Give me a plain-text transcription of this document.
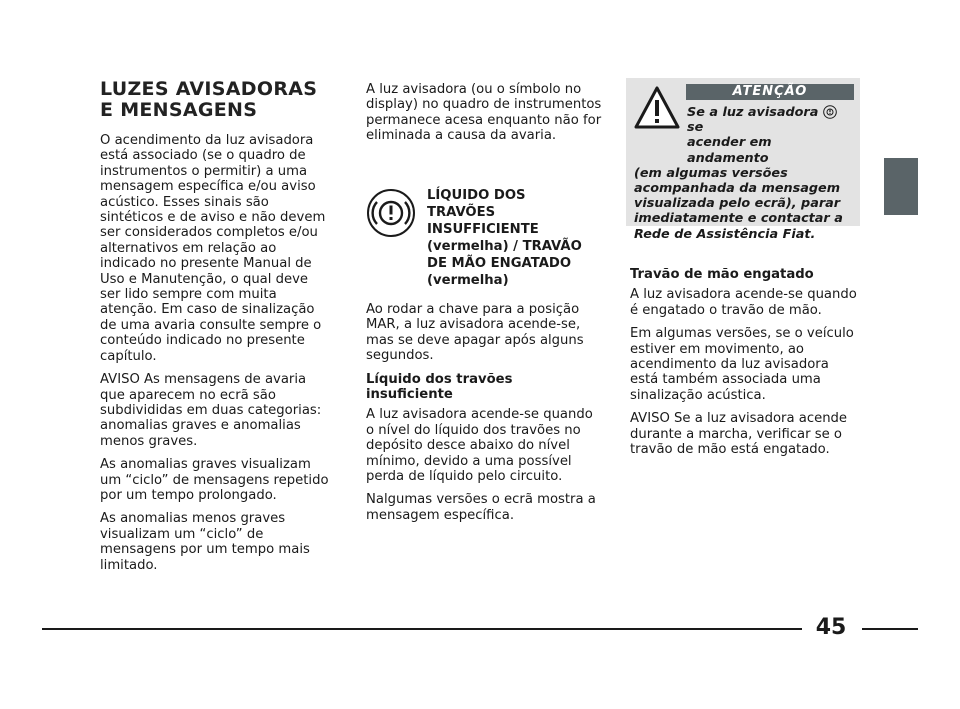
LUZES AVISADORAS
E MENSAGENS

O acendimento da luz avisadora está associado (se o quadro de instrumentos o permitir) a uma mensagem específica e/ou aviso acústico. Esses sinais são sintéticos e de aviso e não devem ser considerados completos e/ou alternativos em relação ao indicado no presente Manual de Uso e Manutenção, o qual deve ser lido sempre com muita atenção. Em caso de sinalização de uma avaria consulte sempre o conteúdo indicado no presente capítulo.

AVISO As mensagens de avaria que aparecem no ecrã são subdivididas em duas categorias: anomalias graves e anomalias menos graves.

As anomalias graves visualizam um “ciclo” de mensagens repetido por um tempo prolongado.

As anomalias menos graves visualizam um “ciclo” de mensagens por um tempo mais limitado.

A luz avisadora (ou o símbolo no display) no quadro de instrumentos permanece acesa enquanto não for eliminada a causa da avaria.

LÍQUIDO DOS
TRAVÕES
INSUFFICIENTE
(vermelha) / TRAVÃO
DE MÃO ENGATADO
(vermelha)

Ao rodar a chave para a posição MAR, a luz avisadora acende-se, mas se deve apagar após alguns segundos.

Líquido dos travões insuficiente

A luz avisadora acende-se quando o nível do líquido dos travões no depósito desce abaixo do nível mínimo, devido a uma possível perda de líquido pelo circuito.

Nalgumas versões o ecrã mostra a mensagem específica.

ATENÇÃO
Se a luz avisadora  se
acender em andamento
(em algumas versões acompanhada da mensagem visualizada pelo ecrã), parar imediatamente e contactar a Rede de Assistência Fiat.

Travão de mão engatado

A luz avisadora acende-se quando é engatado o travão de mão.

Em algumas versões, se o veículo estiver em movimento, ao acendimento da luz avisadora está também associada uma sinalização acústica.

AVISO Se a luz avisadora acende durante a marcha, verificar se o travão de mão está engatado.

45
